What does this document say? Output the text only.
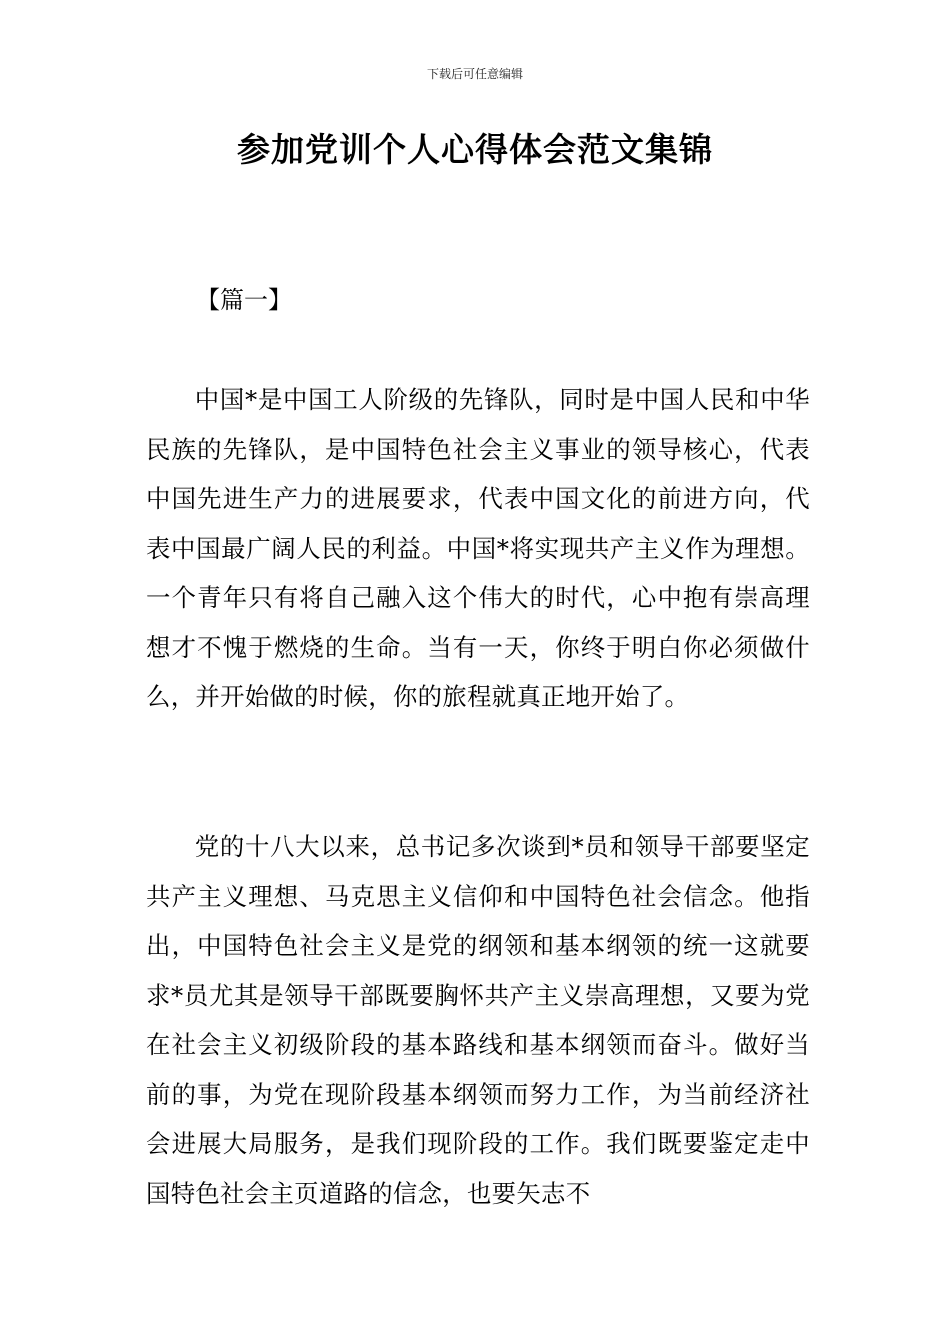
下载后可任意编辑
参加党训个人心得体会范文集锦
【篇一】

中国*是中国工人阶级的先锋队，同时是中国人民和中华民族的先锋队，是中国特色社会主义事业的领导核心，代表中国先进生产力的进展要求，代表中国文化的前进方向，代表中国最广阔人民的利益。中国*将实现共产主义作为理想。一个青年只有将自己融入这个伟大的时代，心中抱有崇高理想才不愧于燃烧的生命。当有一天，你终于明白你必须做什么，并开始做的时候，你的旅程就真正地开始了。

党的十八大以来，总书记多次谈到*员和领导干部要坚定共产主义理想、马克思主义信仰和中国特色社会信念。他指出，中国特色社会主义是党的纲领和基本纲领的统一这就要求*员尤其是领导干部既要胸怀共产主义崇高理想，又要为党在社会主义初级阶段的基本路线和基本纲领而奋斗。做好当前的事，为党在现阶段基本纲领而努力工作，为当前经济社会进展大局服务，是我们现阶段的工作。我们既要鉴定走中国特色社会主页道路的信念，也要矢志不
